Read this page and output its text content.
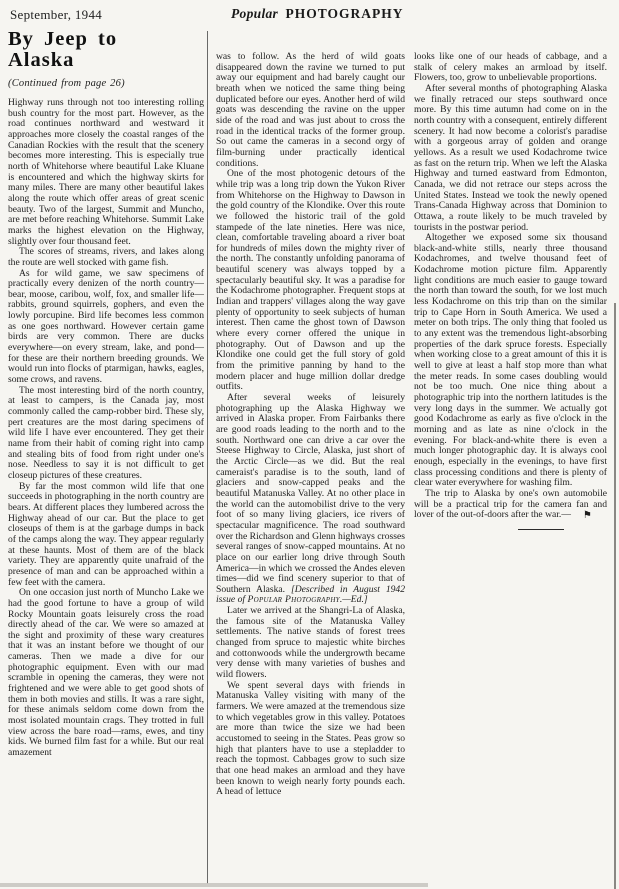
September, 1944	Popular PHOTOGRAPHY
By Jeep to
Alaska
(Continued from page 26)

Highway runs through not too interesting rolling bush country for the most part. However, as the road continues northward and westward it approaches more closely the coastal ranges of the Canadian Rockies with the result that the scenery becomes more interesting. This is especially true north of Whitehorse where beautiful Lake Kluane is encountered and which the highway skirts for many miles. There are many other beautiful lakes along the route which offer areas of great scenic beauty. Two of the largest, Summit and Muncho, are met before reaching Whitehorse. Summit Lake marks the highest elevation on the Highway, slightly over four thousand feet.

The scores of streams, rivers, and lakes along the route are well stocked with game fish.

As for wild game, we saw specimens of practically every denizen of the north country—bear, moose, caribou, wolf, fox, and smaller life—rabbits, ground squirrels, gophers, and even the lowly porcupine. Bird life becomes less common as one goes northward. However certain game birds are very common. There are ducks everywhere—on every stream, lake, and pond—for these are their northern breeding grounds. We would run into flocks of ptarmigan, hawks, eagles, some crows, and ravens.

The most interesting bird of the north country, at least to campers, is the Canada jay, most commonly called the camp-robber bird. These sly, pert creatures are the most daring specimens of wild life I have ever encountered. They get their name from their habit of coming right into camp and stealing bits of food from right under one's nose. Needless to say it is not difficult to get closeup pictures of these creatures.

By far the most common wild life that one succeeds in photographing in the north country are bears. At different places they lumbered across the Highway ahead of our car. But the place to get closeups of them is at the garbage dumps in back of the camps along the way. They appear regularly at these haunts. Most of them are of the black variety. They are apparently quite unafraid of the presence of man and can be approached within a few feet with the camera.

On one occasion just north of Muncho Lake we had the good fortune to have a group of wild Rocky Mountain goats leisurely cross the road directly ahead of the car. We were so amazed at the sight and proximity of these wary creatures that it was an instant before we thought of our cameras. Then we made a dive for our photographic equipment. Even with our mad scramble in opening the cameras, they were not frightened and we were able to get good shots of them in both movies and stills. It was a rare sight, for these animals seldom come down from the most isolated mountain crags. They trotted in full view across the bare road—rams, ewes, and tiny kids. We burned film fast for a while. But our real amazement

was to follow. As the herd of wild goats disappeared down the ravine we turned to put away our equipment and had barely caught our breath when we noticed the same thing being duplicated before our eyes. Another herd of wild goats was descending the ravine on the upper side of the road and was just about to cross the road in the identical tracks of the former group. So out came the cameras in a second orgy of film-burning under practically identical conditions.

One of the most photogenic detours of the while trip was a long trip down the Yukon River from Whitehorse on the Highway to Dawson in the gold country of the Klondike. Over this route we followed the historic trail of the gold stampede of the late nineties. Here was nice, clean, comfortable traveling aboard a river boat for hundreds of miles down the mighty river of the north. The constantly unfolding panorama of beautiful scenery was always topped by a spectacularly beautiful sky. It was a paradise for the Kodachrome photographer. Frequent stops at Indian and trappers' villages along the way gave plenty of opportunity to seek subjects of human interest. Then came the ghost town of Dawson where every corner offered the unique in photography. Out of Dawson and up the Klondike one could get the full story of gold from the primitive panning by hand to the modern placer and huge million dollar dredge outfits.

After several weeks of leisurely photographing up the Alaska Highway we arrived in Alaska proper. From Fairbanks there are good roads leading to the north and to the south. Northward one can drive a car over the Steese Highway to Circle, Alaska, just short of the Arctic Circle—as we did. But the real cameraist's paradise is to the south, land of glaciers and snow-capped peaks and the beautiful Matanuska Valley. At no other place in the world can the automobilist drive to the very foot of so many living glaciers, ice rivers of spectacular magnificence. The road southward over the Richardson and Glenn highways crosses several ranges of snow-capped mountains. At no place on our earlier long drive through South America—in which we crossed the Andes eleven times—did we find scenery superior to that of Southern Alaska. [Described in August 1942 issue of Popular Photography.—Ed.]

Later we arrived at the Shangri-La of Alaska, the famous site of the Matanuska Valley settlements. The native stands of forest trees changed from spruce to majestic white birches and cottonwoods while the undergrowth became very dense with many varieties of bushes and wild flowers.

We spent several days with friends in Matanuska Valley visiting with many of the farmers. We were amazed at the tremendous size to which vegetables grow in this valley. Potatoes are more than twice the size we had been accustomed to seeing in the States. Peas grow so high that planters have to use a stepladder to reach the topmost. Cabbages grow to such size that one head makes an armload and they have been known to weigh nearly forty pounds each. A head of lettuce

looks like one of our heads of cabbage, and a stalk of celery makes an armload by itself. Flowers, too, grow to unbelievable proportions.

After several months of photographing Alaska we finally retraced our steps southward once more. By this time autumn had come on in the north country with a consequent, entirely different scenery. It had now become a colorist's paradise with a gorgeous array of golden and orange yellows. As a result we used Kodachrome twice as fast on the return trip. When we left the Alaska Highway and turned eastward from Edmonton, Canada, we did not retrace our steps across the United States. Instead we took the newly opened Trans-Canada Highway across that Dominion to Ottawa, a route likely to be much traveled by tourists in the postwar period.

Altogether we exposed some six thousand black-and-white stills, nearly three thousand Kodachromes, and twelve thousand feet of Kodachrome motion picture film. Apparently light conditions are much easier to gauge toward the north than toward the south, for we lost much less Kodachrome on this trip than on the similar trip to Cape Horn in South America. We used a meter on both trips. The only thing that fooled us to any extent was the tremendous light-absorbing properties of the dark spruce forests. Especially when working close to a great amount of this it is well to give at least a half stop more than what the meter reads. In some cases doubling would not be too much. One nice thing about a photographic trip into the northern latitudes is the very long days in the summer. We actually got good Kodachrome as early as five o'clock in the morning and as late as nine o'clock in the evening. For black-and-white there is even a much longer photographic day. It is always cool enough, especially in the evenings, to have first class processing conditions and there is plenty of clear water everywhere for washing film.

The trip to Alaska by one's own automobile will be a practical trip for the camera fan and lover of the out-of-doors after the war.— ⚑
